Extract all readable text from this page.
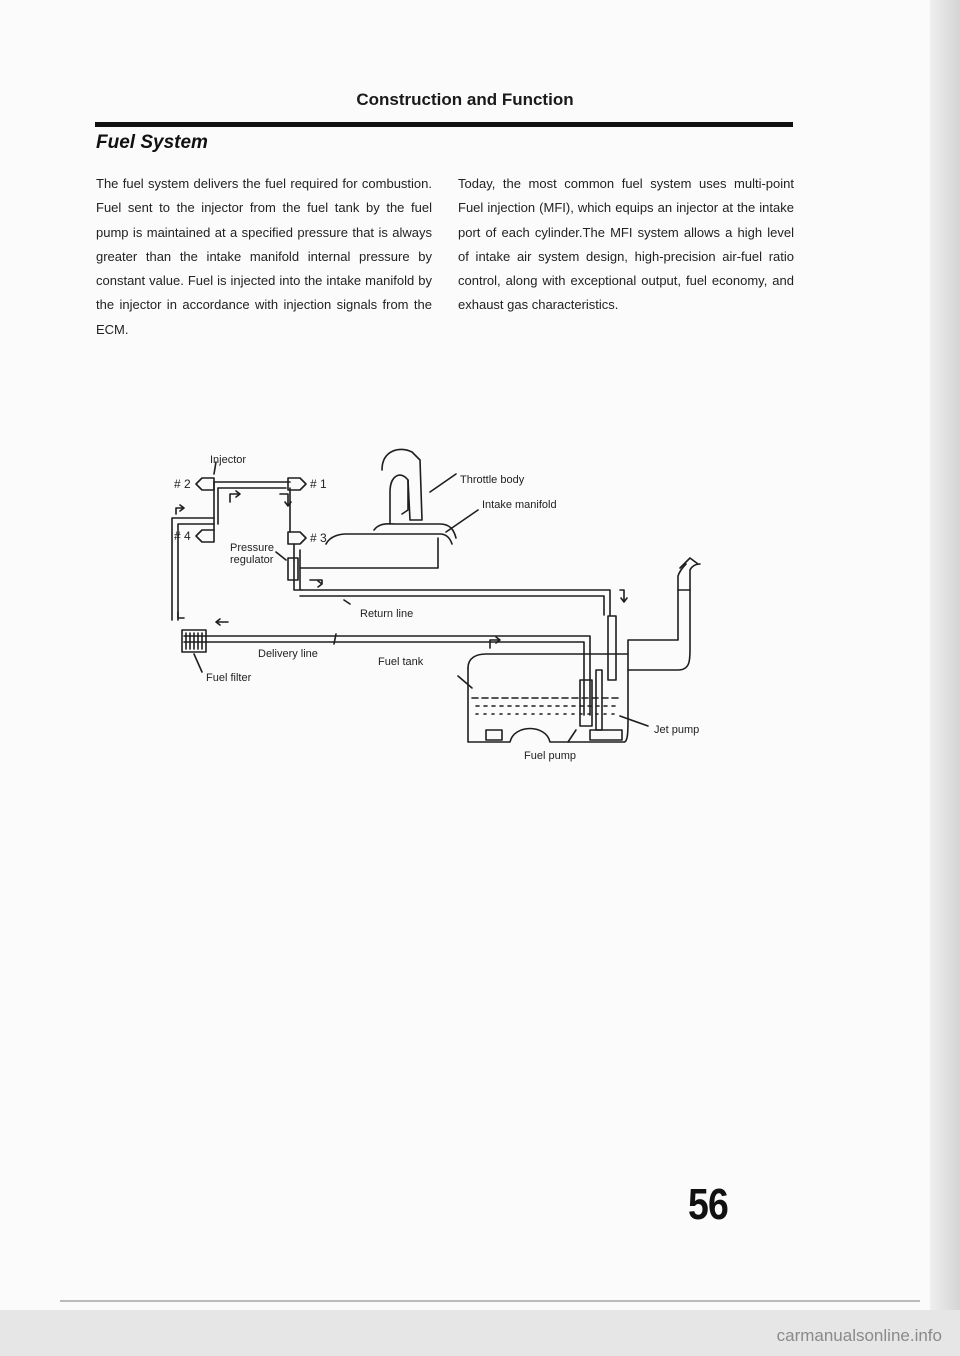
Construction and Function
Fuel System

The fuel system delivers the fuel required for combustion. Fuel sent to the injector from the fuel tank by the fuel pump is maintained at a specified pressure that is always greater than the intake manifold internal pressure by constant value. Fuel is injected into the intake manifold by the injector in accordance with injection signals from the ECM.

Today, the most common fuel system uses multi-point Fuel injection (MFI), which equips an injector at the intake port of each cylinder.The MFI system allows a high level of intake air system design, high-precision air-fuel ratio control, along with exceptional output, fuel economy, and exhaust gas characteristics.

Injector
# 2	# 1
# 4	# 3
Pressure regulator
Throttle body
Intake manifold
Return line
Delivery line
Fuel tank
Fuel filter
Jet pump
Fuel pump

56

carmanualsonline.info
